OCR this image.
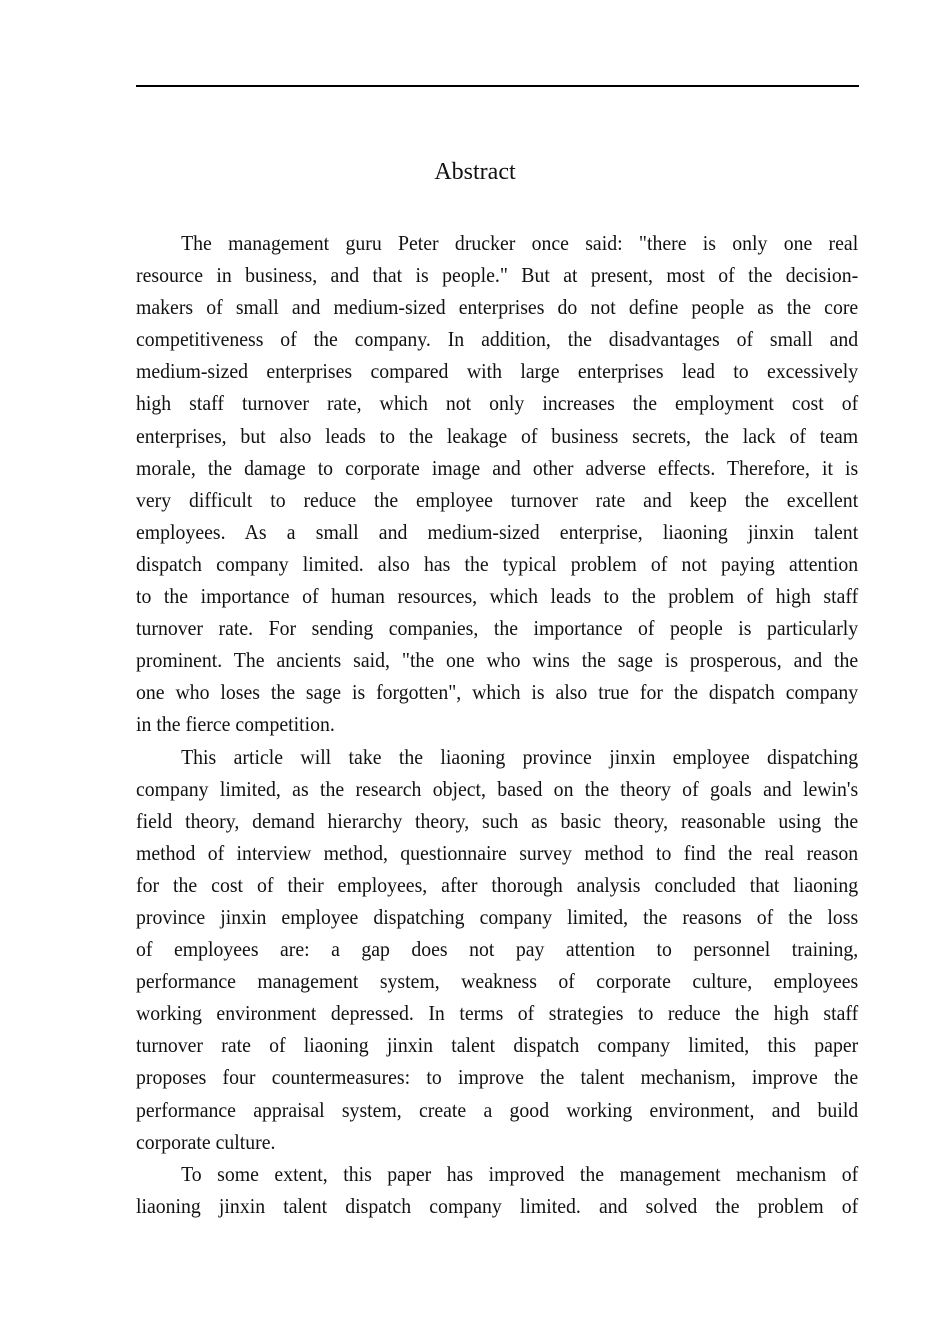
Abstract
The management guru Peter drucker once said: "there is only one real
resource in business, and that is people." But at present, most of the decision-
makers of small and medium-sized enterprises do not define people as the core
competitiveness of the company. In addition, the disadvantages of small and
medium-sized enterprises compared with large enterprises lead to excessively
high staff turnover rate, which not only increases the employment cost of
enterprises, but also leads to the leakage of business secrets, the lack of team
morale, the damage to corporate image and other adverse effects. Therefore, it is
very difficult to reduce the employee turnover rate and keep the excellent
employees. As a small and medium-sized enterprise, liaoning jinxin talent
dispatch company limited. also has the typical problem of not paying attention
to the importance of human resources, which leads to the problem of high staff
turnover rate. For sending companies, the importance of people is particularly
prominent. The ancients said, "the one who wins the sage is prosperous, and the
one who loses the sage is forgotten", which is also true for the dispatch company
in the fierce competition.
This article will take the liaoning province jinxin employee dispatching
company limited, as the research object, based on the theory of goals and lewin's
field theory, demand hierarchy theory, such as basic theory, reasonable using the
method of interview method, questionnaire survey method to find the real reason
for the cost of their employees, after thorough analysis concluded that liaoning
province jinxin employee dispatching company limited, the reasons of the loss
of employees are: a gap does not pay attention to personnel training,
performance management system, weakness of corporate culture, employees
working environment depressed. In terms of strategies to reduce the high staff
turnover rate of liaoning jinxin talent dispatch company limited, this paper
proposes four countermeasures: to improve the talent mechanism, improve the
performance appraisal system, create a good working environment, and build
corporate culture.
To some extent, this paper has improved the management mechanism of
liaoning jinxin talent dispatch company limited. and solved the problem of
